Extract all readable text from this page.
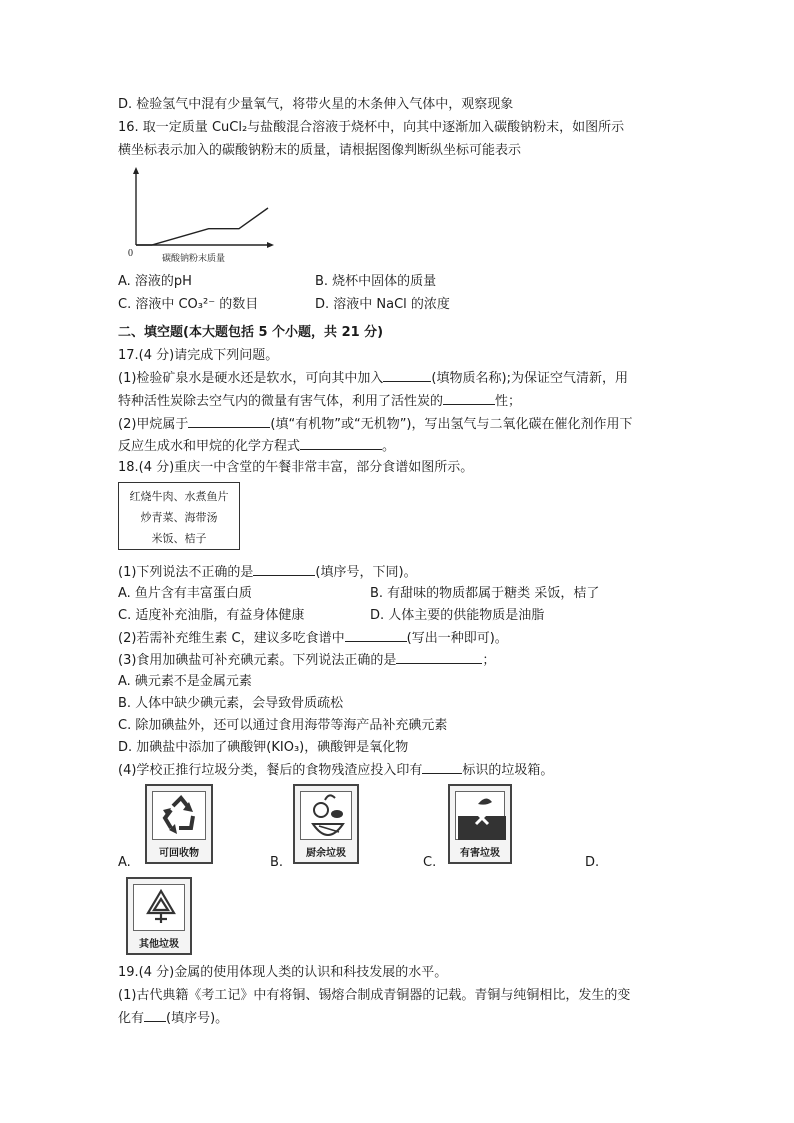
D. 检验氢气中混有少量氧气，将带火星的木条伸入气体中，观察现象
16. 取一定质量 CuCl₂与盐酸混合溶液于烧杯中，向其中逐渐加入碳酸钠粉末，如图所示
横坐标表示加入的碳酸钠粉末的质量，请根据图像判断纵坐标可能表示
0	碳酸钠粉末质量
A. 溶液的pH	B. 烧杯中固体的质量
C. 溶液中 CO₃²⁻ 的数目	D. 溶液中 NaCl 的浓度
二、填空题(本大题包括 5 个小题，共 21 分)
17.(4 分)请完成下列问题。
(1)检验矿泉水是硬水还是软水，可向其中加入	(填物质名称);为保证空气清新，用
特种活性炭除去空气内的微量有害气体，利用了活性炭的	性；
(2)甲烷属于	(填“有机物”或“无机物”)，写出氢气与二氧化碳在催化剂作用下
反应生成水和甲烷的化学方程式	。
18.(4 分)重庆一中含堂的午餐非常丰富，部分食谱如图所示。
红烧牛肉、水煮鱼片
炒青菜、海带汤
米饭、桔子
(1)下列说法不正确的是	(填序号，下同)。
A. 鱼片含有丰富蛋白质	B. 有甜味的物质都属于糖类 采饭，桔了
C. 适度补充油脂，有益身体健康	D. 人体主要的供能物质是油脂
(2)若需补充维生素 C，建议多吃食谱中	(写出一种即可)。
(3)食用加碘盐可补充碘元素。下列说法正确的是	；
A. 碘元素不是金属元素
B. 人体中缺少碘元素，会导致骨质疏松
C. 除加碘盐外，还可以通过食用海带等海产品补充碘元素
D. 加碘盐中添加了碘酸钾(KIO₃)，碘酸钾是氧化物
(4)学校正推行垃圾分类，餐后的食物残渣应投入印有	标识的垃圾箱。
A.
可回收物
B.
厨余垃圾
C.
有害垃圾
D.
其他垃圾
19.(4 分)金属的使用体现人类的认识和科技发展的水平。
(1)古代典籍《考工记》中有将铜、锡熔合制成青铜器的记载。青铜与纯铜相比，发生的变
化有 (填序号)。
